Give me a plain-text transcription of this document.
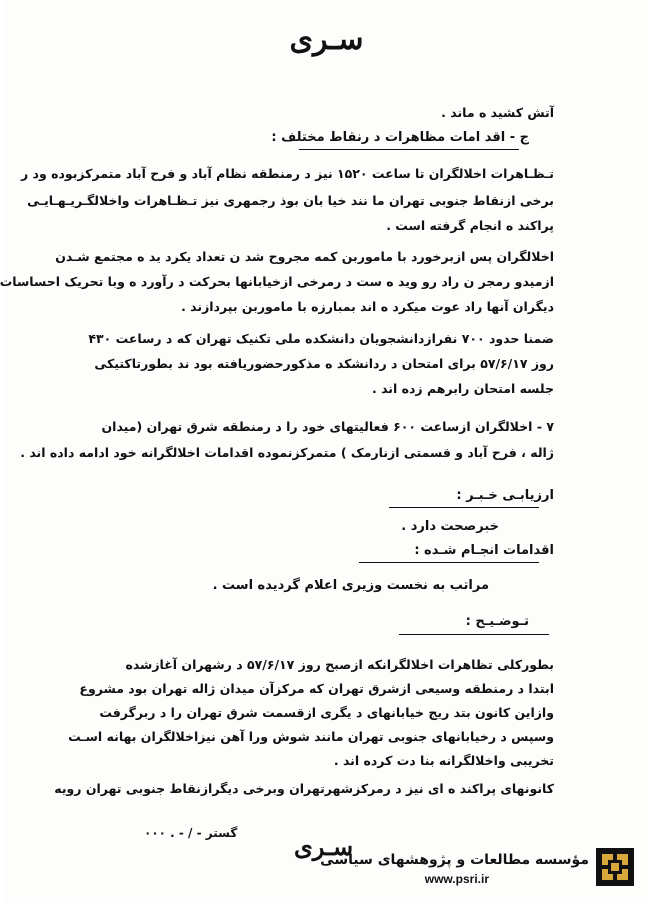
سـری
آتش کشید ه ماند .
ج - اقد امات مظاهرات د رنقاط مختلف :
تـظـاهرات اخلالگران تا ساعت ۱۵۲۰ نیز د رمنطقه نظام آباد و فرح آباد متمرکزبوده ود ر
برخی ازنقاط جنوبی تهران ما نند خیا بان بوذ رجمهری نیز تـظـاهرات واخلالگـریـهـایـی
پراکند ه انجام گرفته است .
اخلالگران پس ازبرخورد با ماموربن کمه مجروح شد ن تعداد یکرد ید ه مجتمع شـدن
ازمیدو رمجر ن راد رو وید ه ست د رمرخی ازخیابانها بحرکت د رآورد ه وبا تحریک احساسات
دیگران آنها راد عوت میکرد ه اند بمبارزه با ماموربن بپردازند .
ضمنا حدود ۷۰۰ نفرازدانشجویان دانشکده ملی تکنیک تهران که د رساعت ۴۳۰
روز ۵۷/۶/۱۷ برای امتحان د ردانشکد ه مذکورحضوریافته بود ند بطورتاکتیکی
جلسه امتحان رابرهم زده اند .
۷ - اخلالگران ازساعت ۶۰۰ فعالیتهای خود را د رمنطقه شرق تهران (میدان
ژاله ، فرح آباد و قسمتی ازنارمک ) متمرکزنموده اقدامات اخلالگرانه خود ادامه داده اند .
ارزیابـی خـبـر :
خبرصحت دارد .
اقدامات انجـام شـده :
مراتب به نخست وزیری اعلام گردیده است .
تـوضـیـح :
بطورکلی تظاهرات اخلالگرانکه ازصبح روز ۵۷/۶/۱۷ د رشهران آغازشده
ابتدا د رمنطقه وسیعی ازشرق تهران که مرکزآن میدان ژاله تهران بود مشروع
وازاین کانون بتد ریج خیابانهای د یگری ازقسمت شرق تهران را د ربرگرفت
وسپس د رخیابانهای جنوبی تهران مانند شوش ورا آهن نیزاخلالگران بهانه اسـت
تخریبی واخلالگرانه بنا دت کرده اند .
کانونهای پراکند ه ای نیز د رمرکزشهرتهران وبرخی دیگرازنقاط جنوبی تهران رویه
گستر - / - . ۰۰۰ سـری
مؤسسه مطالعات و پژوهشهای سیاسی
www.psri.ir
